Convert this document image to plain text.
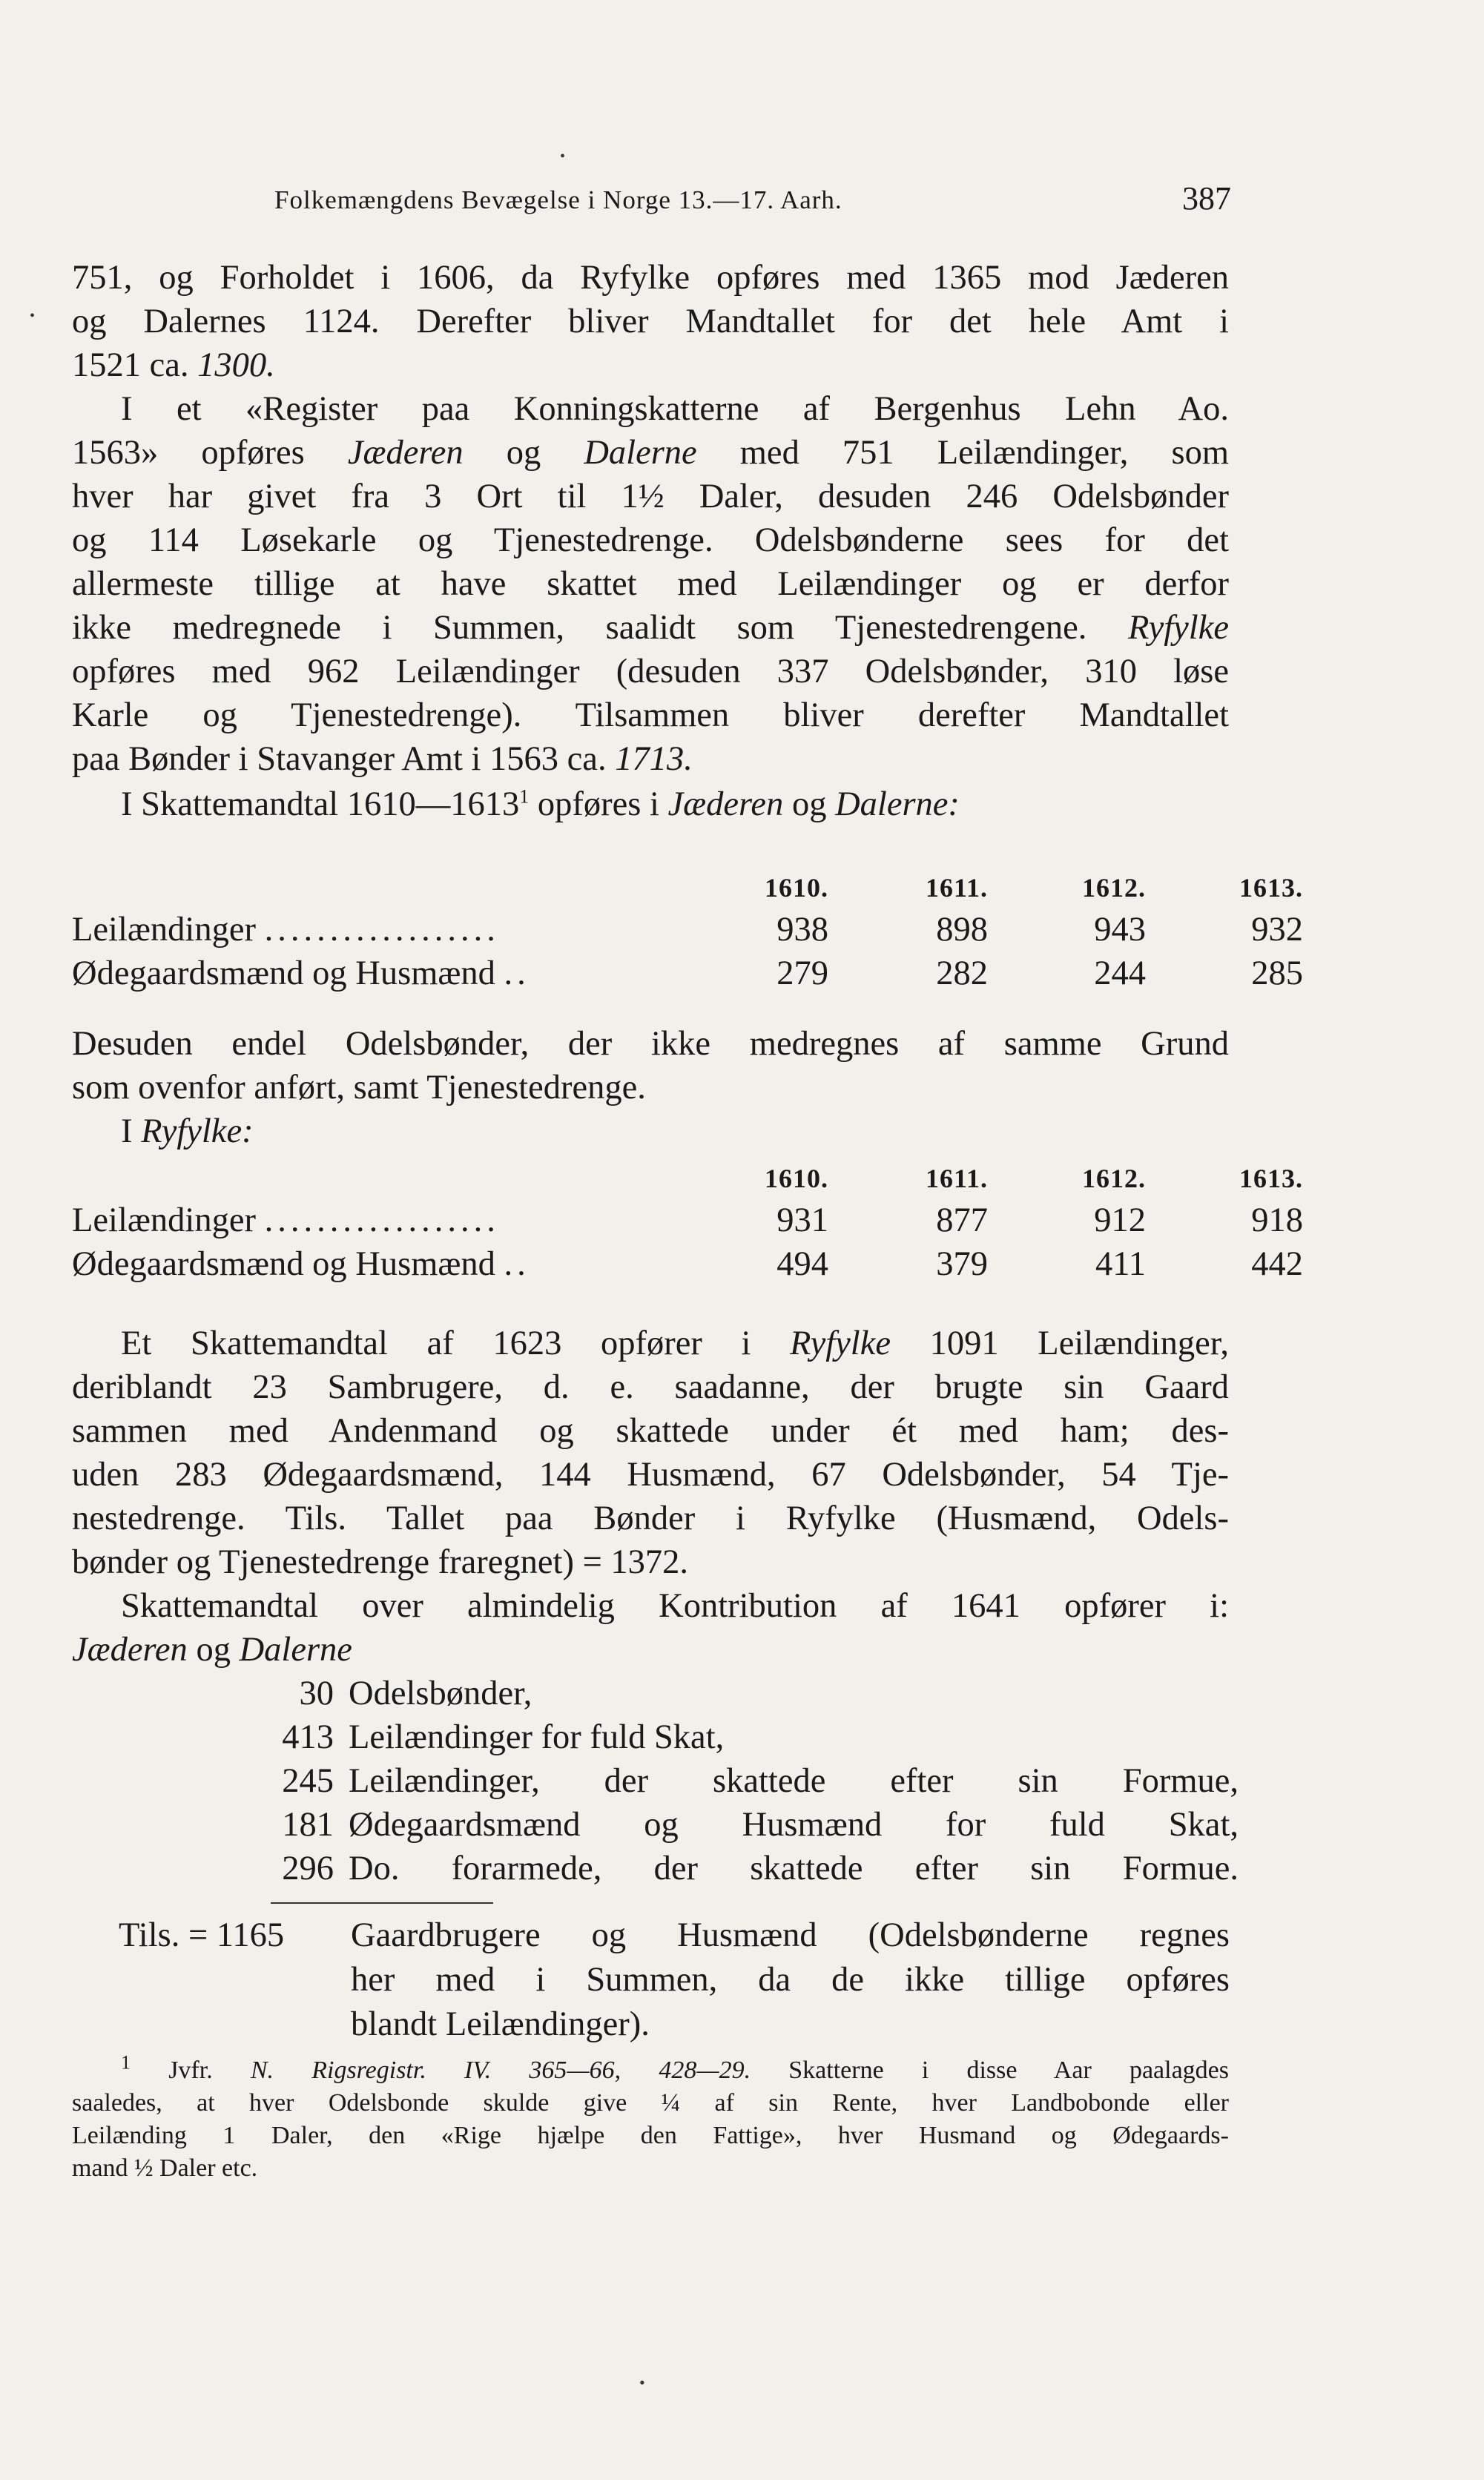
Folkemængdens Bevægelse i Norge 13.—17. Aarh.	387
751, og Forholdet i 1606, da Ryfylke opføres med 1365 mod Jæderen
og Dalernes 1124. Derefter bliver Mandtallet for det hele Amt i
1521 ca. 1300.
I et «Register paa Konningskatterne af Bergenhus Lehn Ao.
1563» opføres Jæderen og Dalerne med 751 Leilændinger, som
hver har givet fra 3 Ort til 1½ Daler, desuden 246 Odelsbønder
og 114 Løsekarle og Tjenestedrenge. Odelsbønderne sees for det
allermeste tillige at have skattet med Leilændinger og er derfor
ikke medregnede i Summen, saalidt som Tjenestedrengene. Ryfylke
opføres med 962 Leilændinger (desuden 337 Odelsbønder, 310 løse
Karle og Tjenestedrenge). Tilsammen bliver derefter Mandtallet
paa Bønder i Stavanger Amt i 1563 ca. 1713.
I Skattemandtal 1610—1613$^1$ opføres i Jæderen og Dalerne:
1610.	1611.	1612.	1613.
Leilændinger ..................	938	898	943	932
Ødegaardsmænd og Husmænd ..	279	282	244	285
Desuden endel Odelsbønder, der ikke medregnes af samme Grund
som ovenfor anført, samt Tjenestedrenge.
I Ryfylke:
1610.	1611.	1612.	1613.
Leilændinger ..................	931	877	912	918
Ødegaardsmænd og Husmænd ..	494	379	411	442
Et Skattemandtal af 1623 opfører i Ryfylke 1091 Leilændinger,
deriblandt 23 Sambrugere, d. e. saadanne, der brugte sin Gaard
sammen med Andenmand og skattede under ét med ham; des-
uden 283 Ødegaardsmænd, 144 Husmænd, 67 Odelsbønder, 54 Tje-
nestedrenge. Tils. Tallet paa Bønder i Ryfylke (Husmænd, Odels-
bønder og Tjenestedrenge fraregnet) = 1372.
Skattemandtal over almindelig Kontribution af 1641 opfører i:
Jæderen og Dalerne
30 Odelsbønder,
413 Leilændinger for fuld Skat,
245 Leilændinger, der skattede efter sin Formue,
181 Ødegaardsmænd og Husmænd for fuld Skat,
296 Do. forarmede, der skattede efter sin Formue.
Tils. = 1165 Gaardbrugere og Husmænd (Odelsbønderne regnes
her med i Summen, da de ikke tillige opføres
blandt Leilændinger).
$^1$ Jvfr. N. Rigsregistr. IV. 365—66, 428—29. Skatterne i disse Aar paalagdes
saaledes, at hver Odelsbonde skulde give ¼ af sin Rente, hver Landbobonde eller
Leilænding 1 Daler, den «Rige hjælpe den Fattige», hver Husmand og Ødegaards-
mand ½ Daler etc.
•
•
•
